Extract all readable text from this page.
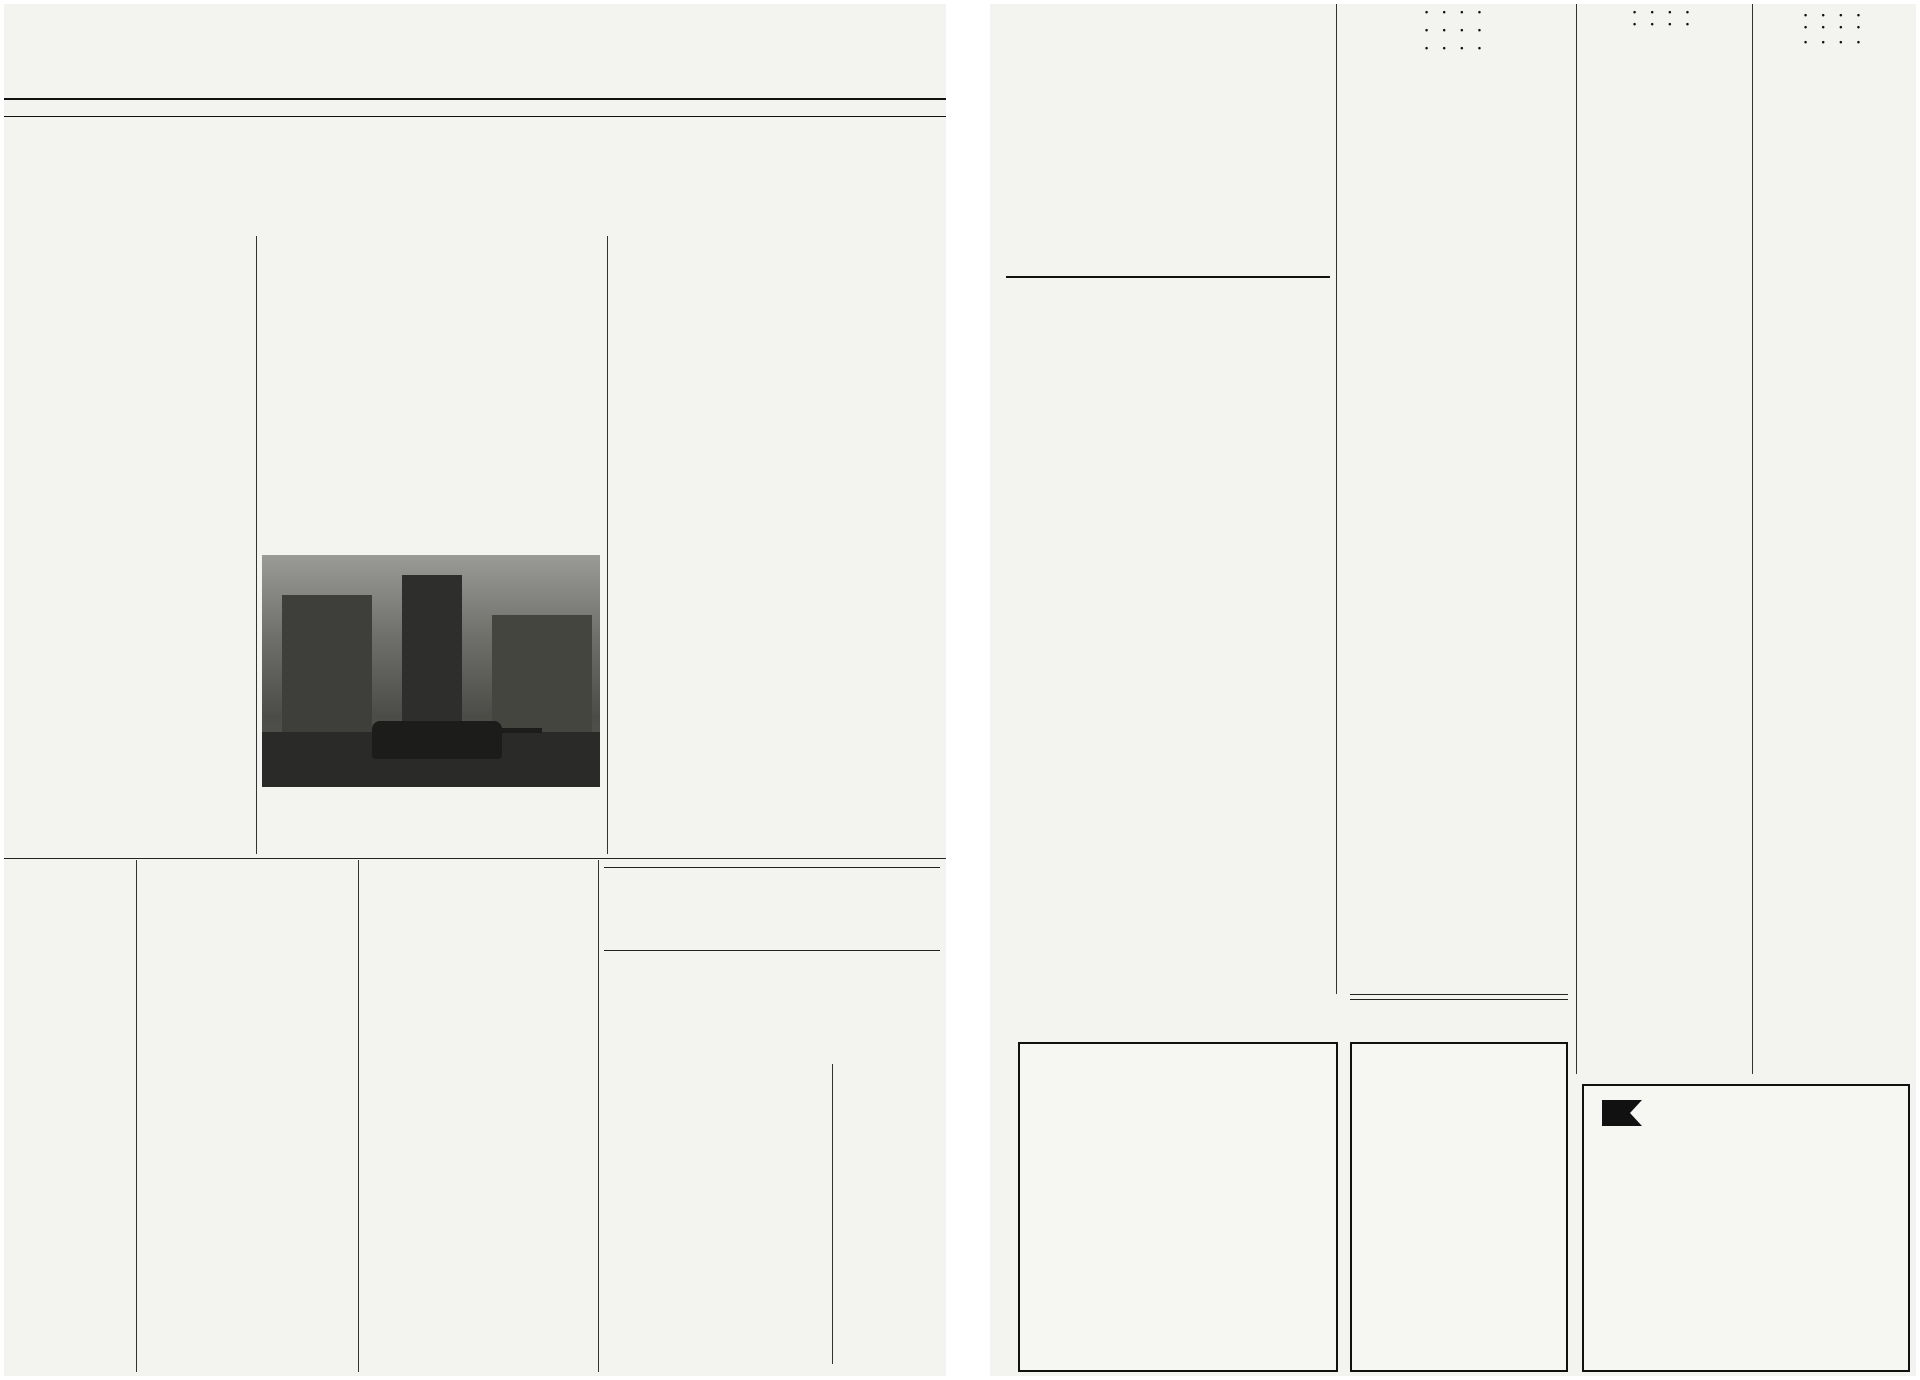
• • • •
• • • •
• • • •
• • • •
• • • •
• • • •
• • • •
• • • •
